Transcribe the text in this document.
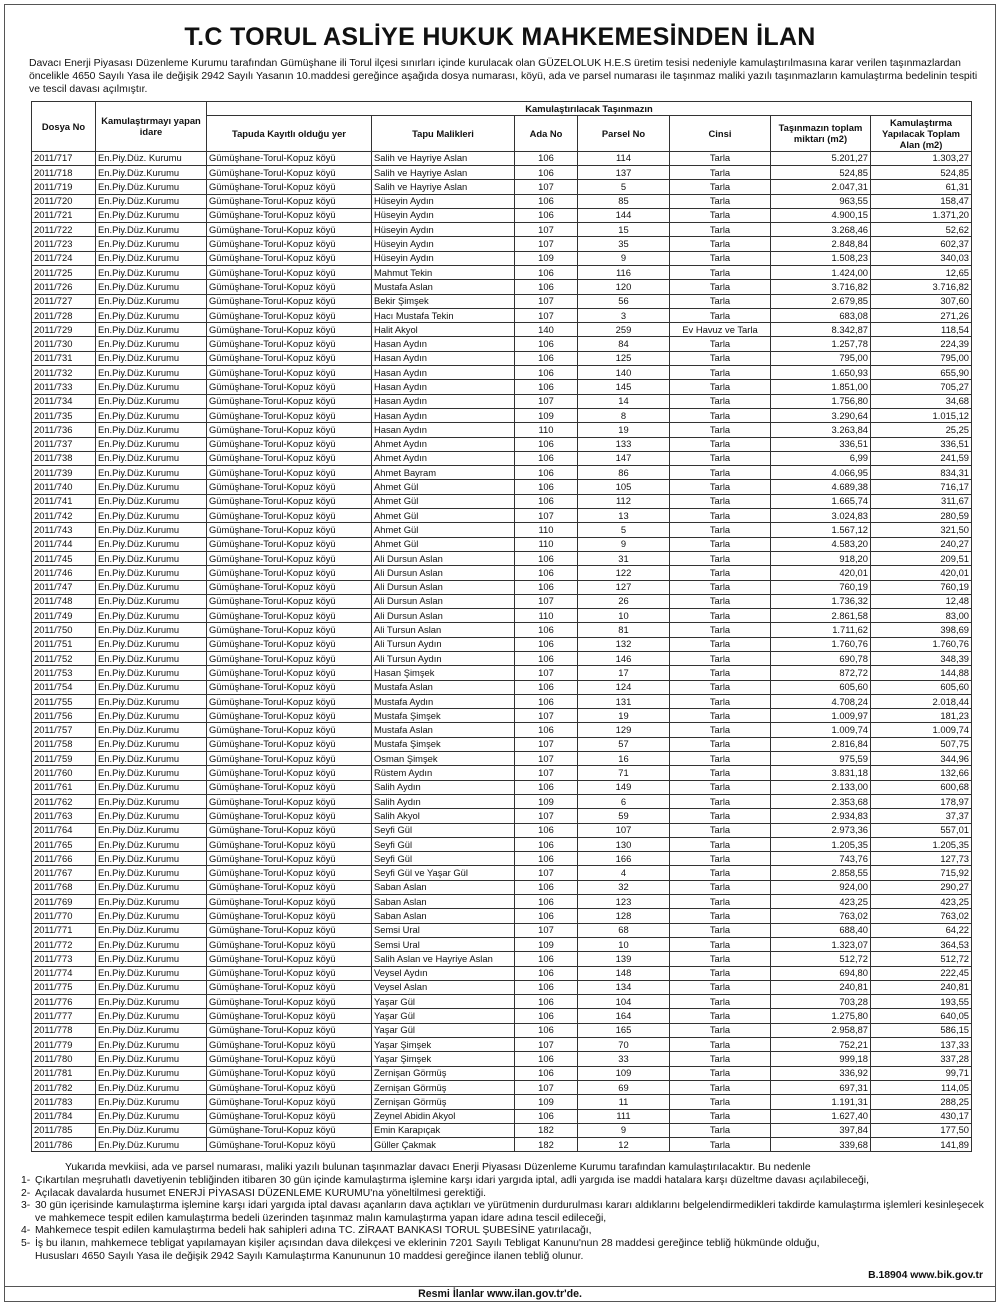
T.C TORUL ASLİYE HUKUK MAHKEMESİNDEN İLAN
Davacı Enerji Piyasası Düzenleme Kurumu tarafından Gümüşhane ili Torul ilçesi sınırları içinde kurulacak olan GÜZELOLUK H.E.S üretim tesisi nedeniyle kamulaştırılmasına karar verilen taşınmazlardan öncelikle 4650 Sayılı Yasa ile değişik 2942 Sayılı Yasanın 10.maddesi gereğince aşağıda dosya numarası, köyü, ada ve parsel numarası ile taşınmaz maliki yazılı taşınmazların kamulaştırma bedelinin tespiti ve tescil davası açılmıştır.
Dosya No	Kamulaştırmayı yapan idare	Kamulaştırılacak Taşınmazın						
		Tapuda Kayıtlı olduğu yer	Tapu Malikleri	Ada No	Parsel No	Cinsi	Taşınmazın toplam miktarı (m2)	Kamulaştırma Yapılacak Toplam Alan (m2)
2011/717	En.Piy.Düz. Kurumu	Gümüşhane-Torul-Kopuz köyü	Salih ve Hayriye Aslan	106	114	Tarla	5.201,27	1.303,27
2011/718	En.Piy.Düz.Kurumu	Gümüşhane-Torul-Kopuz köyü	Salih ve Hayriye Aslan	106	137	Tarla	524,85	524,85
2011/719	En.Piy.Düz.Kurumu	Gümüşhane-Torul-Kopuz köyü	Salih ve Hayriye Aslan	107	5	Tarla	2.047,31	61,31
2011/720	En.Piy.Düz.Kurumu	Gümüşhane-Torul-Kopuz köyü	Hüseyin Aydın	106	85	Tarla	963,55	158,47
2011/721	En.Piy.Düz.Kurumu	Gümüşhane-Torul-Kopuz köyü	Hüseyin Aydın	106	144	Tarla	4.900,15	1.371,20
2011/722	En.Piy.Düz.Kurumu	Gümüşhane-Torul-Kopuz köyü	Hüseyin Aydın	107	15	Tarla	3.268,46	52,62
2011/723	En.Piy.Düz.Kurumu	Gümüşhane-Torul-Kopuz köyü	Hüseyin Aydın	107	35	Tarla	2.848,84	602,37
2011/724	En.Piy.Düz.Kurumu	Gümüşhane-Torul-Kopuz köyü	Hüseyin Aydın	109	9	Tarla	1.508,23	340,03
2011/725	En.Piy.Düz.Kurumu	Gümüşhane-Torul-Kopuz köyü	Mahmut Tekin	106	116	Tarla	1.424,00	12,65
2011/726	En.Piy.Düz.Kurumu	Gümüşhane-Torul-Kopuz köyü	Mustafa Aslan	106	120	Tarla	3.716,82	3.716,82
2011/727	En.Piy.Düz.Kurumu	Gümüşhane-Torul-Kopuz köyü	Bekir Şimşek	107	56	Tarla	2.679,85	307,60
2011/728	En.Piy.Düz.Kurumu	Gümüşhane-Torul-Kopuz köyü	Hacı Mustafa Tekin	107	3	Tarla	683,08	271,26
2011/729	En.Piy.Düz.Kurumu	Gümüşhane-Torul-Kopuz köyü	Halit Akyol	140	259	Ev Havuz ve Tarla	8.342,87	118,54
2011/730	En.Piy.Düz.Kurumu	Gümüşhane-Torul-Kopuz köyü	Hasan Aydın	106	84	Tarla	1.257,78	224,39
2011/731	En.Piy.Düz.Kurumu	Gümüşhane-Torul-Kopuz köyü	Hasan Aydın	106	125	Tarla	795,00	795,00
2011/732	En.Piy.Düz.Kurumu	Gümüşhane-Torul-Kopuz köyü	Hasan Aydın	106	140	Tarla	1.650,93	655,90
2011/733	En.Piy.Düz.Kurumu	Gümüşhane-Torul-Kopuz köyü	Hasan Aydın	106	145	Tarla	1.851,00	705,27
2011/734	En.Piy.Düz.Kurumu	Gümüşhane-Torul-Kopuz köyü	Hasan Aydın	107	14	Tarla	1.756,80	34,68
2011/735	En.Piy.Düz.Kurumu	Gümüşhane-Torul-Kopuz köyü	Hasan Aydın	109	8	Tarla	3.290,64	1.015,12
2011/736	En.Piy.Düz.Kurumu	Gümüşhane-Torul-Kopuz köyü	Hasan Aydın	110	19	Tarla	3.263,84	25,25
2011/737	En.Piy.Düz.Kurumu	Gümüşhane-Torul-Kopuz köyü	Ahmet Aydın	106	133	Tarla	336,51	336,51
2011/738	En.Piy.Düz.Kurumu	Gümüşhane-Torul-Kopuz köyü	Ahmet Aydın	106	147	Tarla	6,99	241,59
2011/739	En.Piy.Düz.Kurumu	Gümüşhane-Torul-Kopuz köyü	Ahmet Bayram	106	86	Tarla	4.066,95	834,31
2011/740	En.Piy.Düz.Kurumu	Gümüşhane-Torul-Kopuz köyü	Ahmet Gül	106	105	Tarla	4.689,38	716,17
2011/741	En.Piy.Düz.Kurumu	Gümüşhane-Torul-Kopuz köyü	Ahmet Gül	106	112	Tarla	1.665,74	311,67
2011/742	En.Piy.Düz.Kurumu	Gümüşhane-Torul-Kopuz köyü	Ahmet Gül	107	13	Tarla	3.024,83	280,59
2011/743	En.Piy.Düz.Kurumu	Gümüşhane-Torul-Kopuz köyü	Ahmet Gül	110	5	Tarla	1.567,12	321,50
2011/744	En.Piy.Düz.Kurumu	Gümüşhane-Torul-Kopuz köyü	Ahmet Gül	110	9	Tarla	4.583,20	240,27
2011/745	En.Piy.Düz.Kurumu	Gümüşhane-Torul-Kopuz köyü	Ali Dursun Aslan	106	31	Tarla	918,20	209,51
2011/746	En.Piy.Düz.Kurumu	Gümüşhane-Torul-Kopuz köyü	Ali Dursun Aslan	106	122	Tarla	420,01	420,01
2011/747	En.Piy.Düz.Kurumu	Gümüşhane-Torul-Kopuz köyü	Ali Dursun Aslan	106	127	Tarla	760,19	760,19
2011/748	En.Piy.Düz.Kurumu	Gümüşhane-Torul-Kopuz köyü	Ali Dursun Aslan	107	26	Tarla	1.736,32	12,48
2011/749	En.Piy.Düz.Kurumu	Gümüşhane-Torul-Kopuz köyü	Ali Dursun Aslan	110	10	Tarla	2.861,58	83,00
2011/750	En.Piy.Düz.Kurumu	Gümüşhane-Torul-Kopuz köyü	Ali Tursun Aslan	106	81	Tarla	1.711,62	398,69
2011/751	En.Piy.Düz.Kurumu	Gümüşhane-Torul-Kopuz köyü	Ali Tursun Aydın	106	132	Tarla	1.760,76	1.760,76
2011/752	En.Piy.Düz.Kurumu	Gümüşhane-Torul-Kopuz köyü	Ali Tursun Aydın	106	146	Tarla	690,78	348,39
2011/753	En.Piy.Düz.Kurumu	Gümüşhane-Torul-Kopuz köyü	Hasan Şimşek	107	17	Tarla	872,72	144,88
2011/754	En.Piy.Düz.Kurumu	Gümüşhane-Torul-Kopuz köyü	Mustafa Aslan	106	124	Tarla	605,60	605,60
2011/755	En.Piy.Düz.Kurumu	Gümüşhane-Torul-Kopuz köyü	Mustafa Aydın	106	131	Tarla	4.708,24	2.018,44
2011/756	En.Piy.Düz.Kurumu	Gümüşhane-Torul-Kopuz köyü	Mustafa Şimşek	107	19	Tarla	1.009,97	181,23
2011/757	En.Piy.Düz.Kurumu	Gümüşhane-Torul-Kopuz köyü	Mustafa Aslan	106	129	Tarla	1.009,74	1.009,74
2011/758	En.Piy.Düz.Kurumu	Gümüşhane-Torul-Kopuz köyü	Mustafa Şimşek	107	57	Tarla	2.816,84	507,75
2011/759	En.Piy.Düz.Kurumu	Gümüşhane-Torul-Kopuz köyü	Osman Şimşek	107	16	Tarla	975,59	344,96
2011/760	En.Piy.Düz.Kurumu	Gümüşhane-Torul-Kopuz köyü	Rüstem Aydın	107	71	Tarla	3.831,18	132,66
2011/761	En.Piy.Düz.Kurumu	Gümüşhane-Torul-Kopuz köyü	Salih Aydın	106	149	Tarla	2.133,00	600,68
2011/762	En.Piy.Düz.Kurumu	Gümüşhane-Torul-Kopuz köyü	Salih Aydın	109	6	Tarla	2.353,68	178,97
2011/763	En.Piy.Düz.Kurumu	Gümüşhane-Torul-Kopuz köyü	Salih Akyol	107	59	Tarla	2.934,83	37,37
2011/764	En.Piy.Düz.Kurumu	Gümüşhane-Torul-Kopuz köyü	Seyfi Gül	106	107	Tarla	2.973,36	557,01
2011/765	En.Piy.Düz.Kurumu	Gümüşhane-Torul-Kopuz köyü	Seyfi Gül	106	130	Tarla	1.205,35	1.205,35
2011/766	En.Piy.Düz.Kurumu	Gümüşhane-Torul-Kopuz köyü	Seyfi Gül	106	166	Tarla	743,76	127,73
2011/767	En.Piy.Düz.Kurumu	Gümüşhane-Torul-Kopuz köyü	Seyfi Gül ve Yaşar Gül	107	4	Tarla	2.858,55	715,92
2011/768	En.Piy.Düz.Kurumu	Gümüşhane-Torul-Kopuz köyü	Saban Aslan	106	32	Tarla	924,00	290,27
2011/769	En.Piy.Düz.Kurumu	Gümüşhane-Torul-Kopuz köyü	Saban Aslan	106	123	Tarla	423,25	423,25
2011/770	En.Piy.Düz.Kurumu	Gümüşhane-Torul-Kopuz köyü	Saban Aslan	106	128	Tarla	763,02	763,02
2011/771	En.Piy.Düz.Kurumu	Gümüşhane-Torul-Kopuz köyü	Semsi Ural	107	68	Tarla	688,40	64,22
2011/772	En.Piy.Düz.Kurumu	Gümüşhane-Torul-Kopuz köyü	Semsi Ural	109	10	Tarla	1.323,07	364,53
2011/773	En.Piy.Düz.Kurumu	Gümüşhane-Torul-Kopuz köyü	Salih Aslan ve Hayriye Aslan	106	139	Tarla	512,72	512,72
2011/774	En.Piy.Düz.Kurumu	Gümüşhane-Torul-Kopuz köyü	Veysel Aydın	106	148	Tarla	694,80	222,45
2011/775	En.Piy.Düz.Kurumu	Gümüşhane-Torul-Kopuz köyü	Veysel Aslan	106	134	Tarla	240,81	240,81
2011/776	En.Piy.Düz.Kurumu	Gümüşhane-Torul-Kopuz köyü	Yaşar Gül	106	104	Tarla	703,28	193,55
2011/777	En.Piy.Düz.Kurumu	Gümüşhane-Torul-Kopuz köyü	Yaşar Gül	106	164	Tarla	1.275,80	640,05
2011/778	En.Piy.Düz.Kurumu	Gümüşhane-Torul-Kopuz köyü	Yaşar Gül	106	165	Tarla	2.958,87	586,15
2011/779	En.Piy.Düz.Kurumu	Gümüşhane-Torul-Kopuz köyü	Yaşar Şimşek	107	70	Tarla	752,21	137,33
2011/780	En.Piy.Düz.Kurumu	Gümüşhane-Torul-Kopuz köyü	Yaşar Şimşek	106	33	Tarla	999,18	337,28
2011/781	En.Piy.Düz.Kurumu	Gümüşhane-Torul-Kopuz köyü	Zernişan Görmüş	106	109	Tarla	336,92	99,71
2011/782	En.Piy.Düz.Kurumu	Gümüşhane-Torul-Kopuz köyü	Zernişan Görmüş	107	69	Tarla	697,31	114,05
2011/783	En.Piy.Düz.Kurumu	Gümüşhane-Torul-Kopuz köyü	Zernişan Görmüş	109	11	Tarla	1.191,31	288,25
2011/784	En.Piy.Düz.Kurumu	Gümüşhane-Torul-Kopuz köyü	Zeynel Abidin Akyol	106	111	Tarla	1.627,40	430,17
2011/785	En.Piy.Düz.Kurumu	Gümüşhane-Torul-Kopuz köyü	Emin Karapıçak	182	9	Tarla	397,84	177,50
2011/786	En.Piy.Düz.Kurumu	Gümüşhane-Torul-Kopuz köyü	Güller Çakmak	182	12	Tarla	339,68	141,89
Yukarıda mevkiisi, ada ve parsel numarası, maliki yazılı bulunan taşınmazlar davacı Enerji Piyasası Düzenleme Kurumu tarafından kamulaştırılacaktır. Bu nedenle
1- Çıkartılan meşruhatlı davetiyenin tebliğinden itibaren 30 gün içinde kamulaştırma işlemine karşı idari yargıda iptal, adli yargıda ise maddi hatalara karşı düzeltme davası açılabileceği,
2- Açılacak davalarda husumet ENERJİ PİYASASI DÜZENLEME KURUMU'na yöneltilmesi gerektiği.
3- 30 gün içerisinde kamulaştırma işlemine karşı idari yargıda iptal davası açanların dava açtıkları ve yürütmenin durdurulması kararı aldıklarını belgelendirmedikleri takdirde kamulaştırma işlemleri kesinleşecek
ve mahkemece tespit edilen kamulaştırma bedeli üzerinden taşınmaz malın kamulaştırma yapan idare adına tescil edileceği,
4- Mahkemece tespit edilen kamulaştırma bedeli hak sahipleri adına TC. ZİRAAT BANKASI TORUL ŞUBESİNE yatırılacağı,
5- İş bu ilanın, mahkemece tebligat yapılamayan kişiler açısından dava dilekçesi ve eklerinin 7201 Sayılı Tebligat Kanunu'nun 28 maddesi gereğince tebliğ hükmünde olduğu,
Hususları 4650 Sayılı Yasa ile değişik 2942 Sayılı Kamulaştırma Kanununun 10 maddesi gereğince ilanen tebliğ olunur.
B.18904 www.bik.gov.tr
Resmi İlanlar www.ilan.gov.tr'de.
